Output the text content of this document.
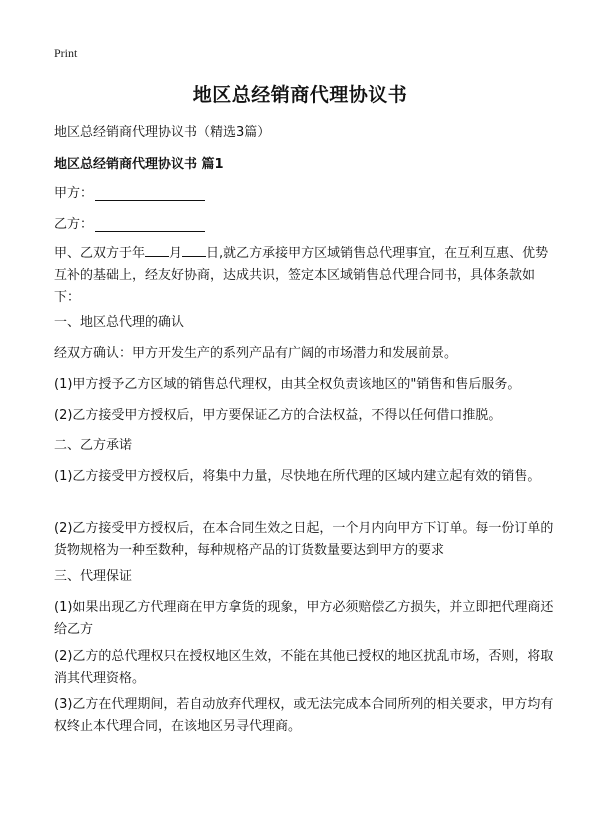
Print
地区总经销商代理协议书
地区总经销商代理协议书（精选3篇）
地区总经销商代理协议书 篇1
甲方：
乙方：
甲、乙双方于年 月 日,就乙方承接甲方区域销售总代理事宜，在互利互惠、优势互补的基础上，经友好协商，达成共识，签定本区域销售总代理合同书，具体条款如下：
一、地区总代理的确认
经双方确认：甲方开发生产的系列产品有广阔的市场潜力和发展前景。
(1)甲方授予乙方区域的销售总代理权，由其全权负责该地区的"销售和售后服务。
(2)乙方接受甲方授权后，甲方要保证乙方的合法权益，不得以任何借口推脱。
二、乙方承诺
(1)乙方接受甲方授权后，将集中力量，尽快地在所代理的区域内建立起有效的销售。
(2)乙方接受甲方授权后，在本合同生效之日起，一个月内向甲方下订单。每一份订单的货物规格为一种至数种，每种规格产品的订货数量要达到甲方的要求
三、代理保证
(1)如果出现乙方代理商在甲方拿货的现象，甲方必须赔偿乙方损失，并立即把代理商还给乙方
(2)乙方的总代理权只在授权地区生效，不能在其他已授权的地区扰乱市场，否则，将取消其代理资格。
(3)乙方在代理期间，若自动放弃代理权，或无法完成本合同所列的相关要求，甲方均有权终止本代理合同，在该地区另寻代理商。
